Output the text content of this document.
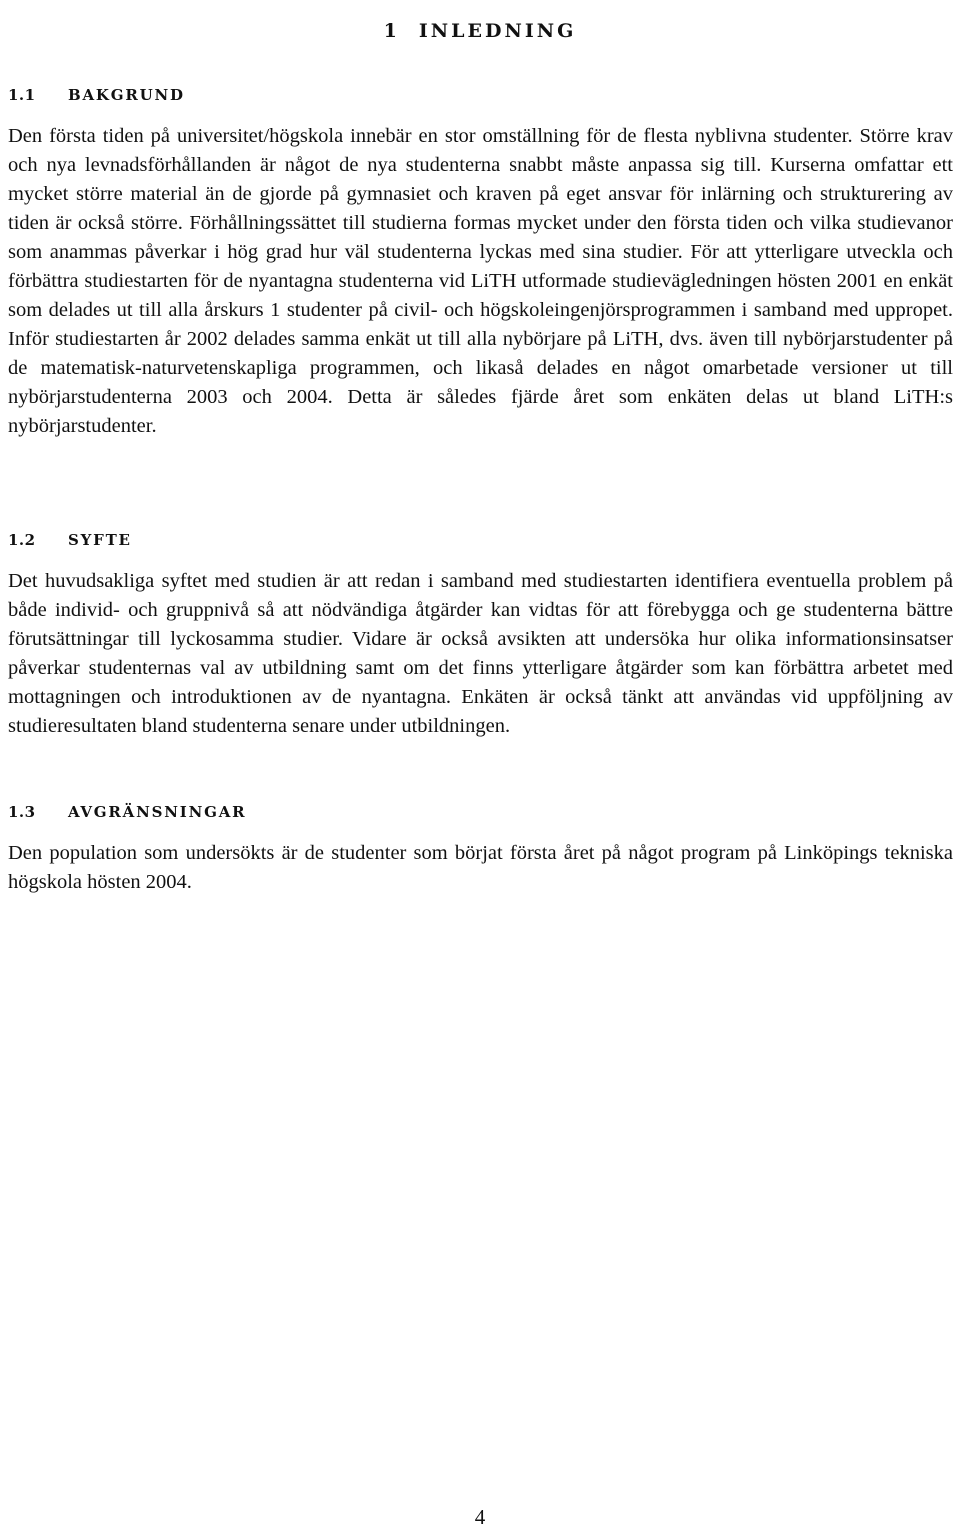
1 INLEDNING
1.1 BAKGRUND

Den första tiden på universitet/högskola innebär en stor omställning för de flesta nyblivna studenter. Större krav och nya levnadsförhållanden är något de nya studenterna snabbt måste anpassa sig till. Kurserna omfattar ett mycket större material än de gjorde på gymnasiet och kraven på eget ansvar för inlärning och strukturering av tiden är också större. Förhållningssättet till studierna formas mycket under den första tiden och vilka studievanor som anammas påverkar i hög grad hur väl studenterna lyckas med sina studier. För att ytterligare utveckla och förbättra studiestarten för de nyantagna studenterna vid LiTH utformade studievägledningen hösten 2001 en enkät som delades ut till alla årskurs 1 studenter på civil- och högskoleingenjörsprogrammen i samband med uppropet. Inför studiestarten år 2002 delades samma enkät ut till alla nybörjare på LiTH, dvs. även till nybörjarstudenter på de matematisk-naturvetenskapliga programmen, och likaså delades en något omarbetade versioner ut till nybörjarstudenterna 2003 och 2004. Detta är således fjärde året som enkäten delas ut bland LiTH:s nybörjarstudenter.

1.2 SYFTE

Det huvudsakliga syftet med studien är att redan i samband med studiestarten identifiera eventuella problem på både individ- och gruppnivå så att nödvändiga åtgärder kan vidtas för att förebygga och ge studenterna bättre förutsättningar till lyckosamma studier. Vidare är också avsikten att undersöka hur olika informationsinsatser påverkar studenternas val av utbildning samt om det finns ytterligare åtgärder som kan förbättra arbetet med mottagningen och introduktionen av de nyantagna. Enkäten är också tänkt att användas vid uppföljning av studieresultaten bland studenterna senare under utbildningen.

1.3 AVGRÄNSNINGAR

Den population som undersökts är de studenter som börjat första året på något program på Linköpings tekniska högskola hösten 2004.

4
